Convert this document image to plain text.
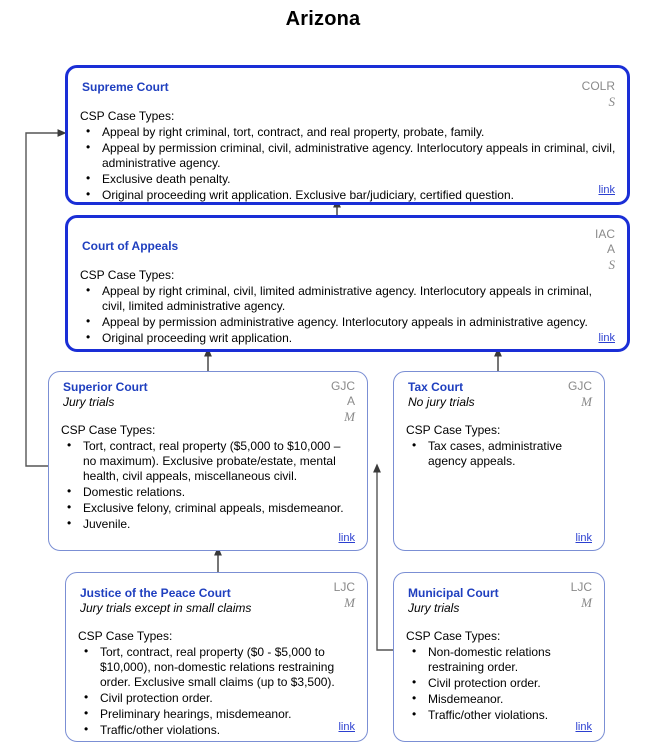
Arizona
Supreme Court	COLR
S
CSP Case Types:
• Appeal by right criminal, tort, contract, and real property, probate, family.
• Appeal by permission criminal, civil, administrative agency. Interlocutory appeals in criminal, civil, administrative agency.
• Exclusive death penalty.
• Original proceeding writ application. Exclusive bar/judiciary, certified question.	link
Court of Appeals
IAC
A
S
CSP Case Types:
• Appeal by right criminal, civil, limited administrative agency. Interlocutory appeals in criminal, civil, limited administrative agency.
• Appeal by permission administrative agency. Interlocutory appeals in administrative agency.
• Original proceeding writ application.	link
Superior Court
Jury trials
GJC
A
M
CSP Case Types:
• Tort, contract, real property ($5,000 to $10,000 – no maximum). Exclusive probate/estate, mental health, civil appeals, miscellaneous civil.
• Domestic relations.
• Exclusive felony, criminal appeals, misdemeanor.
• Juvenile.
link
Tax Court
No jury trials
GJC
M
CSP Case Types:
• Tax cases, administrative agency appeals.
link
Justice of the Peace Court
Jury trials except in small claims
LJC
M
CSP Case Types:
• Tort, contract, real property ($0 - $5,000 to $10,000), non-domestic relations restraining order. Exclusive small claims (up to $3,500).
• Civil protection order.
• Preliminary hearings, misdemeanor.
• Traffic/other violations.	link
Municipal Court
Jury trials
LJC
M
CSP Case Types:
• Non-domestic relations restraining order.
• Civil protection order.
• Misdemeanor.
• Traffic/other violations.
link
